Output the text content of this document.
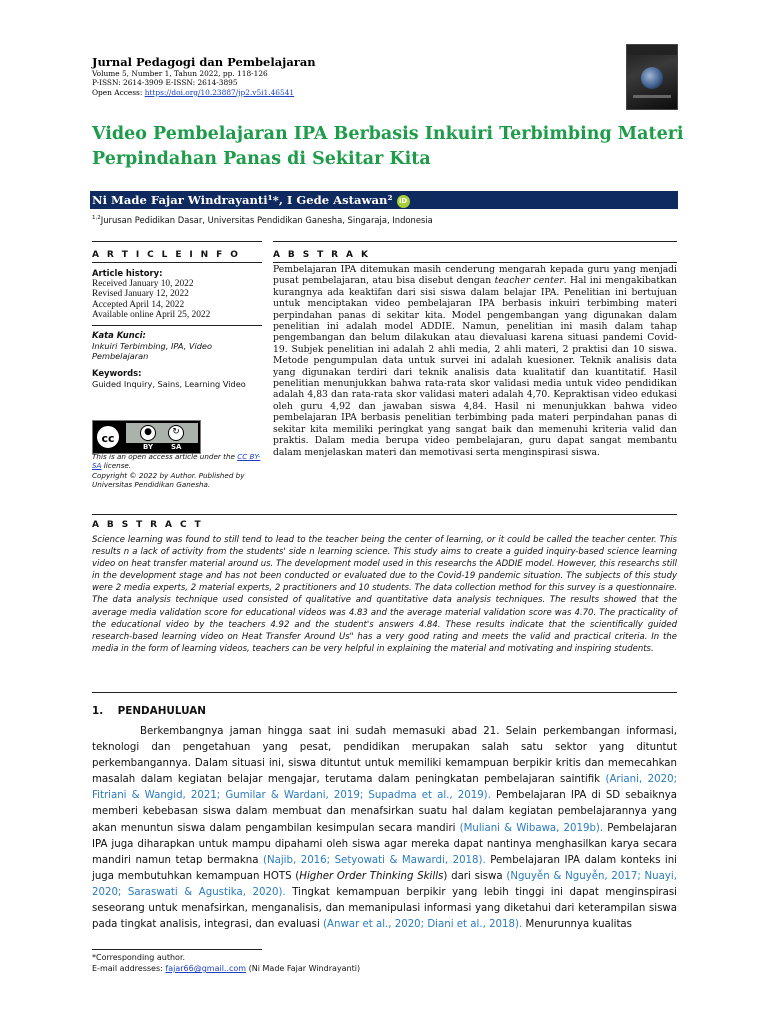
Jurnal Pedagogi dan Pembelajaran
Volume 5, Number 1, Tahun 2022, pp. 118-126
P-ISSN: 2614-3909 E-ISSN: 2614-3895
Open Access: https://doi.org/10.23887/jp2.v5i1.46541
Video Pembelajaran IPA Berbasis Inkuiri Terbimbing Materi Perpindahan Panas di Sekitar Kita
Ni Made Fajar Windrayanti¹*, I Gede Astawan² iD
$^{1,2}$Jurusan Pedidikan Dasar, Universitas Pendidikan Ganesha, Singaraja, Indonesia
A R T I C L E I N F O	A B S T R A K
Article history:
Received January 10, 2022
Revised January 12, 2022
Accepted April 14, 2022
Available online April 25, 2022
Kata Kunci:
Inkuiri Terbimbing, IPA, Video Pembelajaran
Keywords:
Guided Inquiry, Sains, Learning Video
cc	●	↻
BY	SA
This is an open access article under the CC BY-SA license.
Copyright © 2022 by Author. Published by Universitas Pendidikan Ganesha.
Pembelajaran IPA ditemukan masih cenderung mengarah kepada guru yang menjadi pusat pembelajaran, atau bisa disebut dengan teacher center. Hal ini mengakibatkan kurangnya ada keaktifan dari sisi siswa dalam belajar IPA. Penelitian ini bertujuan untuk menciptakan video pembelajaran IPA berbasis inkuiri terbimbing materi perpindahan panas di sekitar kita. Model pengembangan yang digunakan dalam penelitian ini adalah model ADDIE. Namun, penelitian ini masih dalam tahap pengembangan dan belum dilakukan atau dievaluasi karena situasi pandemi Covid-19. Subjek penelitian ini adalah 2 ahli media, 2 ahli materi, 2 praktisi dan 10 siswa. Metode pengumpulan data untuk survei ini adalah kuesioner. Teknik analisis data yang digunakan terdiri dari teknik analisis data kualitatif dan kuantitatif. Hasil penelitian menunjukkan bahwa rata-rata skor validasi media untuk video pendidikan adalah 4,83 dan rata-rata skor validasi materi adalah 4,70. Kepraktisan video edukasi oleh guru 4,92 dan jawaban siswa 4,84. Hasil ni menunjukkan bahwa video pembelajaran IPA berbasis penelitian terbimbing pada materi perpindahan panas di sekitar kita memiliki peringkat yang sangat baik dan memenuhi kriteria valid dan praktis. Dalam media berupa video pembelajaran, guru dapat sangat membantu dalam menjelaskan materi dan memotivasi serta menginspirasi siswa.
A B S T R A C T
Science learning was found to still tend to lead to the teacher being the center of learning, or it could be called the teacher center. This results n a lack of activity from the students' side n learning science. This study aims to create a guided inquiry-based science learning video on heat transfer material around us. The development model used in this researchs the ADDIE model. However, this researchs still in the development stage and has not been conducted or evaluated due to the Covid-19 pandemic situation. The subjects of this study were 2 media experts, 2 material experts, 2 practitioners and 10 students. The data collection method for this survey is a questionnaire. The data analysis technique used consisted of qualitative and quantitative data analysis techniques. The results showed that the average media validation score for educational videos was 4.83 and the average material validation score was 4.70. The practicality of the educational video by the teachers 4.92 and the student's answers 4.84. These results indicate that the scientifically guided research-based learning video on Heat Transfer Around Us" has a very good rating and meets the valid and practical criteria. In the media in the form of learning videos, teachers can be very helpful in explaining the material and motivating and inspiring students.
1.    PENDAHULUAN

Berkembangnya jaman hingga saat ini sudah memasuki abad 21. Selain perkembangan informasi, teknologi dan pengetahuan yang pesat, pendidikan merupakan salah satu sektor yang dituntut perkembangannya. Dalam situasi ini, siswa dituntut untuk memiliki kemampuan berpikir kritis dan memecahkan masalah dalam kegiatan belajar mengajar, terutama dalam peningkatan pembelajaran saintifik (Ariani, 2020; Fitriani & Wangid, 2021; Gumilar & Wardani, 2019; Supadma et al., 2019). Pembelajaran IPA di SD sebaiknya memberi kebebasan siswa dalam membuat dan menafsirkan suatu hal dalam kegiatan pembelajarannya yang akan menuntun siswa dalam pengambilan kesimpulan secara mandiri (Muliani & Wibawa, 2019b). Pembelajaran IPA juga diharapkan untuk mampu dipahami oleh siswa agar mereka dapat nantinya menghasilkan karya secara mandiri namun tetap bermakna (Najib, 2016; Setyowati & Mawardi, 2018). Pembelajaran IPA dalam konteks ini juga membutuhkan kemampuan HOTS (Higher Order Thinking Skills) dari siswa (Nguyễn & Nguyễn, 2017; Nuayi, 2020; Saraswati & Agustika, 2020). Tingkat kemampuan berpikir yang lebih tinggi ini dapat menginspirasi seseorang untuk menafsirkan, menganalisis, dan memanipulasi informasi yang diketahui dari keterampilan siswa pada tingkat analisis, integrasi, dan evaluasi (Anwar et al., 2020; Diani et al., 2018). Menurunnya kualitas

*Corresponding author.
E-mail addresses: fajar66@gmail..com (Ni Made Fajar Windrayanti)
